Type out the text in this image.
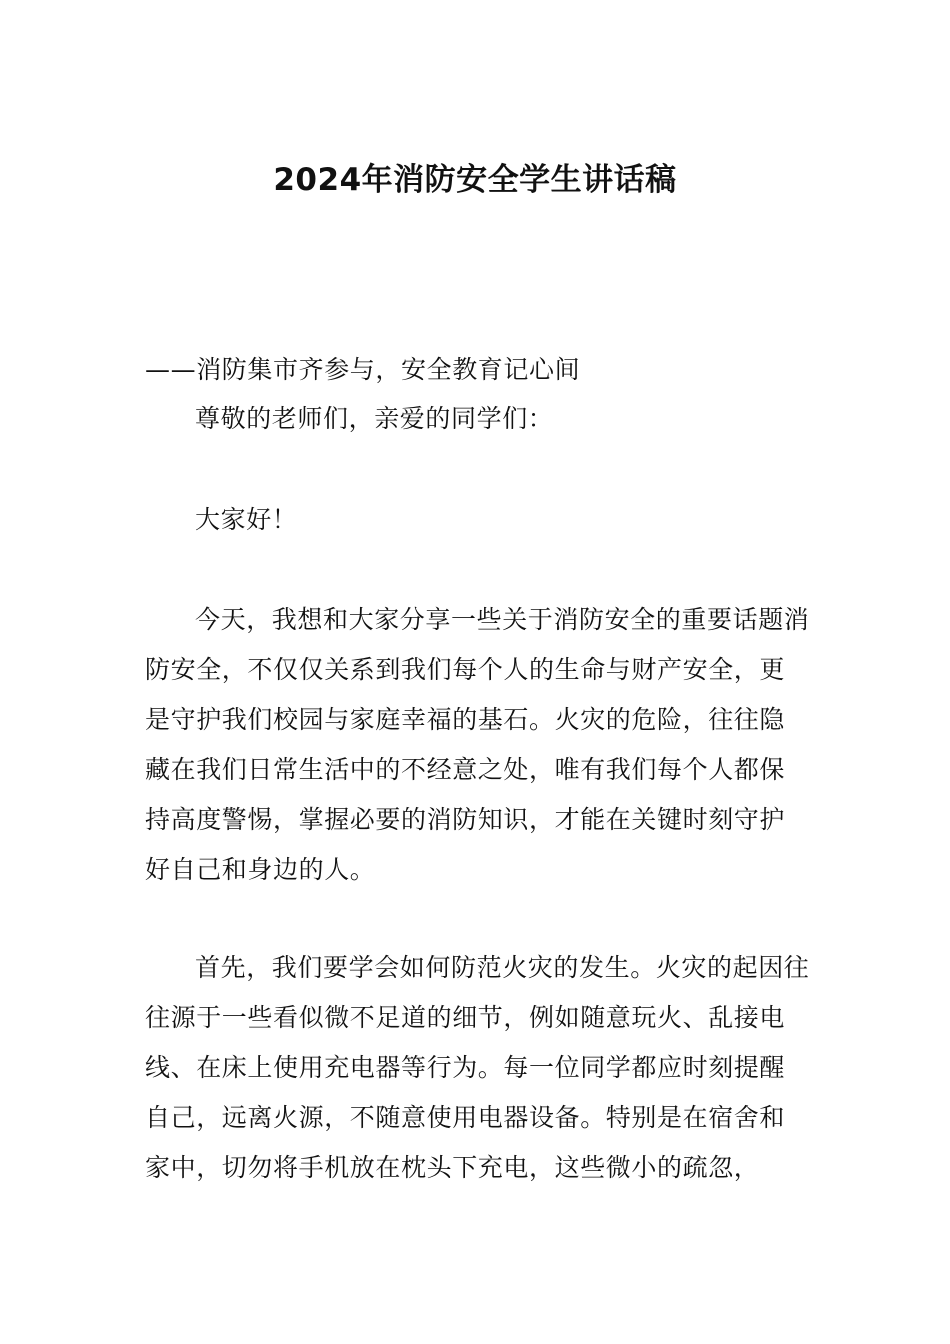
2024年消防安全学生讲话稿

——消防集市齐参与，安全教育记心间

尊敬的老师们，亲爱的同学们：

大家好！

今天，我想和大家分享一些关于消防安全的重要话题消防安全，不仅仅关系到我们每个人的生命与财产安全，更是守护我们校园与家庭幸福的基石。火灾的危险，往往隐藏在我们日常生活中的不经意之处，唯有我们每个人都保持高度警惕，掌握必要的消防知识，才能在关键时刻守护好自己和身边的人。

首先，我们要学会如何防范火灾的发生。火灾的起因往往源于一些看似微不足道的细节，例如随意玩火、乱接电线、在床上使用充电器等行为。每一位同学都应时刻提醒自己，远离火源，不随意使用电器设备。特别是在宿舍和家中，切勿将手机放在枕头下充电，这些微小的疏忽，
